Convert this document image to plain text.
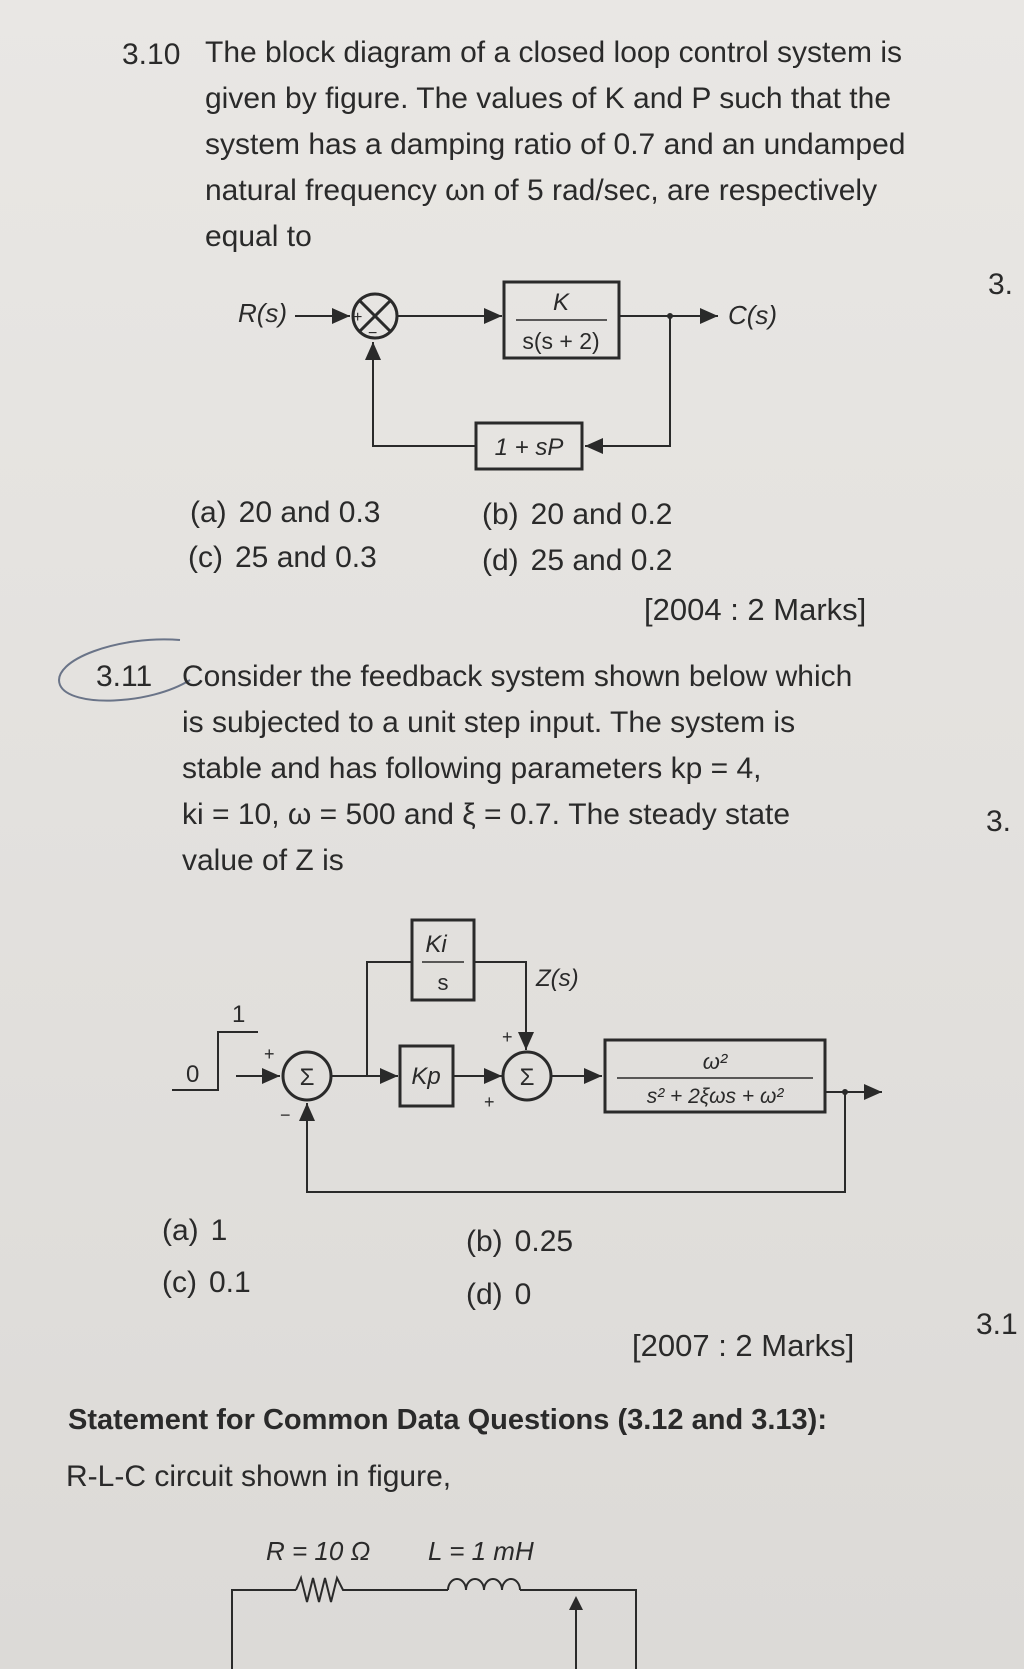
3.10 The block diagram of a closed loop control system is
given by figure. The values of K and P such that the
system has a damping ratio of 0.7 and an undamped
natural frequency ωn of 5 rad/sec, are respectively
equal to
R(s)	+
−
K
s(s + 2)
C(s)
1 + sP
(a) 20 and 0.3	(b) 20 and 0.2
(c) 25 and 0.3	(d) 25 and 0.2
[2004 : 2 Marks]
3.11 Consider the feedback system shown below which
is subjected to a unit step input. The system is
stable and has following parameters kp = 4,
ki = 10, ω = 500 and ξ = 0.7. The steady state
value of Z is
1
0
+
−
Σ
Ki
s	Z(s)
+
Kp
+
Σ
ω²
s² + 2ξωs + ω²
(a) 1	(b) 0.25
(c) 0.1	(d) 0
[2007 : 2 Marks]
Statement for Common Data Questions (3.12 and 3.13):
R-L-C circuit shown in figure,
R = 10 Ω L = 1 mH
3.
3.
3.1
